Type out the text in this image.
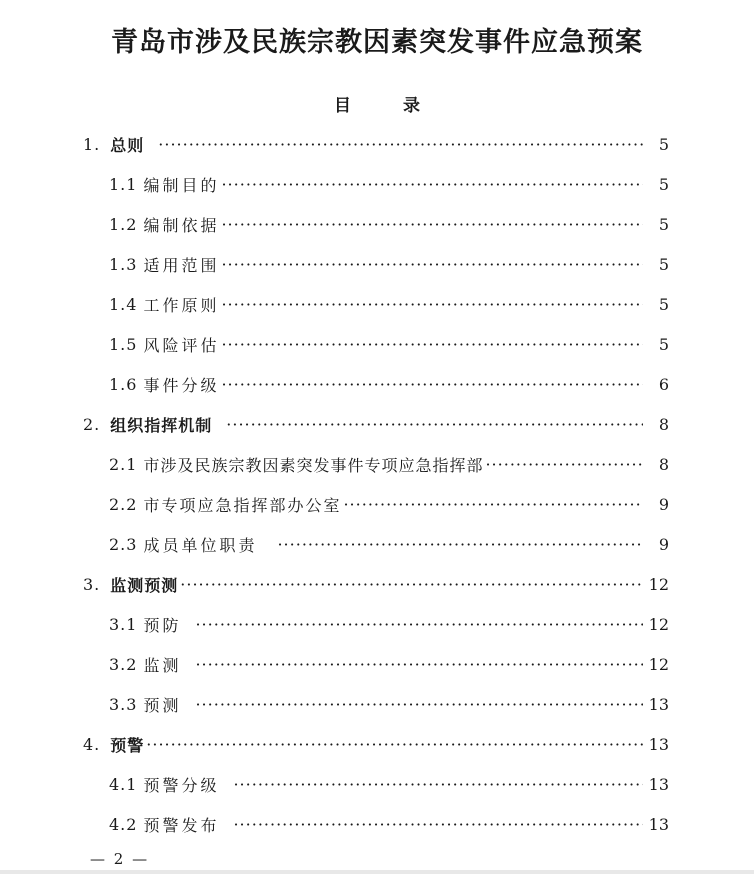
青岛市涉及民族宗教因素突发事件应急预案
目录
1. 总则 ·····	5
1.1 编制目的 ·····	5
1.2 编制依据 ·····	5
1.3 适用范围 ·····	5
1.4 工作原则 ·····	5
1.5 风险评估 ·····	5
1.6 事件分级 ·····	6
2. 组织指挥机制 ·····	8
2.1 市涉及民族宗教因素突发事件专项应急指挥部 ·····	8
2.2 市专项应急指挥部办公室 ·····	9
2.3 成员单位职责 ·····	9
3. 监测预测 ·····	12
3.1 预防 ·····	12
3.2 监测 ·····	12
3.3 预测 ·····	13
4. 预警 ·····	13
4.1 预警分级 ·····	13
4.2 预警发布 ·····	13
— 2 —
